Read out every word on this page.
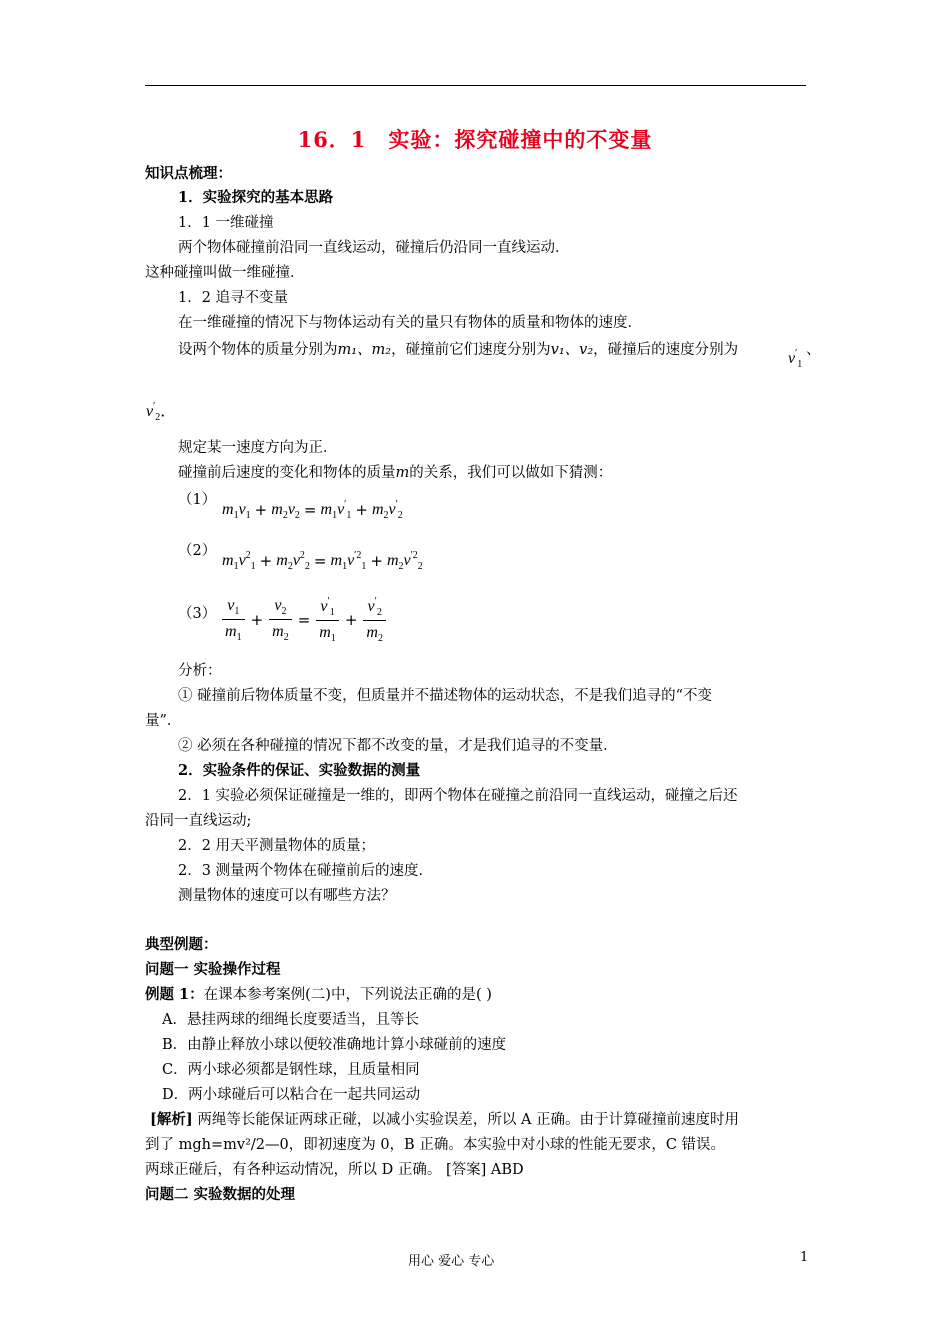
16．1　实验：探究碰撞中的不变量
知识点梳理：
1．实验探究的基本思路
1．1 一维碰撞
两个物体碰撞前沿同一直线运动，碰撞后仍沿同一直线运动．
这种碰撞叫做一维碰撞．
1．2 追寻不变量
在一维碰撞的情况下与物体运动有关的量只有物体的质量和物体的速度．
设两个物体的质量分别为m₁、m₂，碰撞前它们速度分别为v₁、v₂，碰撞后的速度分别为	$v'_1$
、
$v'_2$．
规定某一速度方向为正．
碰撞前后速度的变化和物体的质量m的关系，我们可以做如下猜测：
（1）
$m_1v_1 + m_2v_2 = m_1v'_1 + m_2v'_2$
（2）
$m_1v^2_1 + m_2v^2_2 = m_1v^{'2}_1 + m_2v^{'2}_2$
$(3) \frac{v_1}{m_1} + \frac{v_2}{m_2} = \frac{v'_1}{m_1} + \frac{v'_2}{m_2}$
分析：
① 碰撞前后物体质量不变，但质量并不描述物体的运动状态，不是我们追寻的“不变
量”．
② 必须在各种碰撞的情况下都不改变的量，才是我们追寻的不变量．
2．实验条件的保证、实验数据的测量
2．1 实验必须保证碰撞是一维的，即两个物体在碰撞之前沿同一直线运动，碰撞之后还
沿同一直线运动;
2．2 用天平测量物体的质量；
2．3 测量两个物体在碰撞前后的速度．
测量物体的速度可以有哪些方法？
典型例题：
问题一 实验操作过程
例题 1：在课本参考案例(二)中，下列说法正确的是( )
A．悬挂两球的细绳长度要适当，且等长
B．由静止释放小球以便较准确地计算小球碰前的速度
C．两小球必须都是钢性球，且质量相同
D．两小球碰后可以粘合在一起共同运动
[解析] 两绳等长能保证两球正碰，以减小实验误差，所以 A 正确。由于计算碰撞前速度时用
到了 mgh=mv²/2—0，即初速度为 0，B 正确。本实验中对小球的性能无要求，C 错误。
两球正碰后，有各种运动情况，所以 D 正确。 [答案] ABD
问题二 实验数据的处理
用心 爱心 专心	1
